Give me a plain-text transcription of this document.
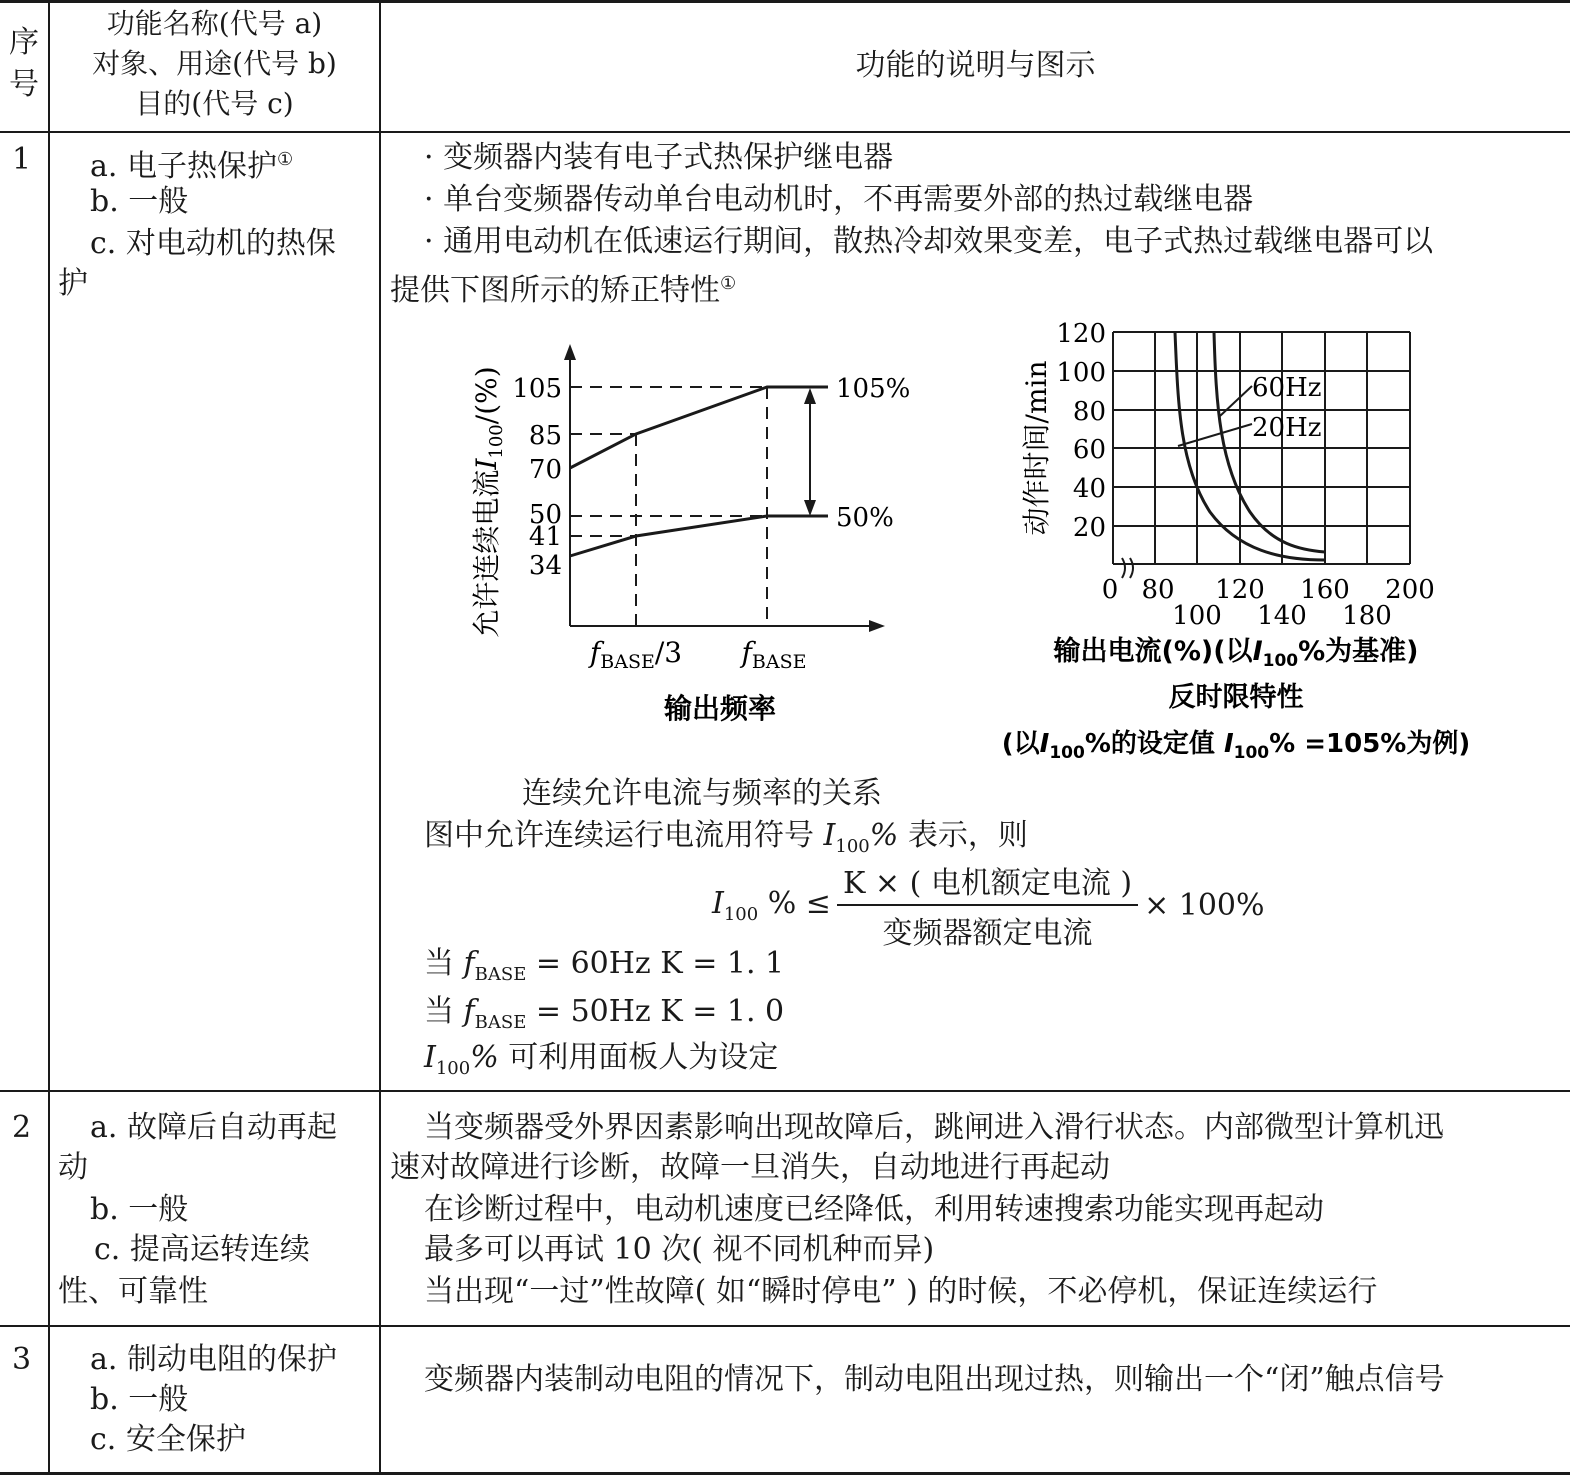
序号
功能名称(代号 a)
对象、用途(代号 b)
目的(代号 c)
功能的说明与图示
1 a. 电子热保护①
b. 一般
c. 对电动机的热保
护
· 变频器内装有电子式热保护继电器
· 单台变频器传动单台电动机时，不再需要外部的热过载继电器
· 通用电动机在低速运行期间，散热冷却效果变差，电子式热过载继电器可以
提供下图所示的矫正特性①
105
85
70
50
41
34
105%
50%
$f_{BASE}/3$ $f_{BASE}$
允许连续电流$I_{100}/(\%)$
输出频率
60Hz
20Hz
120
100
80
60
40
20
0 80 120 160 200
100 140 180
动作时间/min
输出电流(%)(以$I_{100}\%$为基准)
反时限特性
(以$I_{100}\%$的设定值 $I_{100}\% =105\%$为例)
连续允许电流与频率的关系
图中允许连续运行电流用符号 $I_{100}\%$ 表示，则
$I_{100}$ % ≤ $\frac{\text{K × ( 电机额定电流 )}}{\text{变频器额定电流}} \times 100\%$
当 $f_{BASE} = 60Hz$ K = 1. 1
当 $f_{BASE} = 50Hz$ K = 1. 0
$I_{100}\%$ 可利用面板人为设定
2 a. 故障后自动再起
动
b. 一般
c. 提高运转连续
性、可靠性
当变频器受外界因素影响出现故障后，跳闸进入滑行状态。内部微型计算机迅
速对故障进行诊断，故障一旦消失，自动地进行再起动
在诊断过程中，电动机速度已经降低，利用转速搜索功能实现再起动
最多可以再试 10 次( 视不同机种而异)
当出现“一过”性故障( 如“瞬时停电” ) 的时候，不必停机，保证连续运行
3 a. 制动电阻的保护
b. 一般
c. 安全保护
变频器内装制动电阻的情况下，制动电阻出现过热，则输出一个“闭”触点信号
